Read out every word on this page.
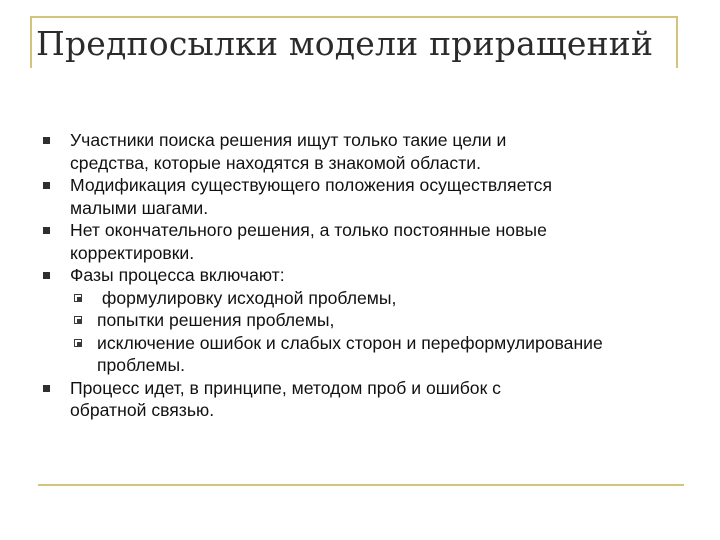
Предпосылки модели приращений
Участники поиска решения ищут только такие цели и
средства, которые находятся в знакомой области.
Модификация существующего положения осуществляется
малыми шагами.
Нет окончательного решения, а только постоянные новые
корректировки.
Фазы процесса включают:
формулировку исходной проблемы,
попытки решения проблемы,
исключение ошибок и слабых сторон и переформулирование
проблемы.
Процесс идет, в принципе, методом проб и ошибок с
обратной связью.
